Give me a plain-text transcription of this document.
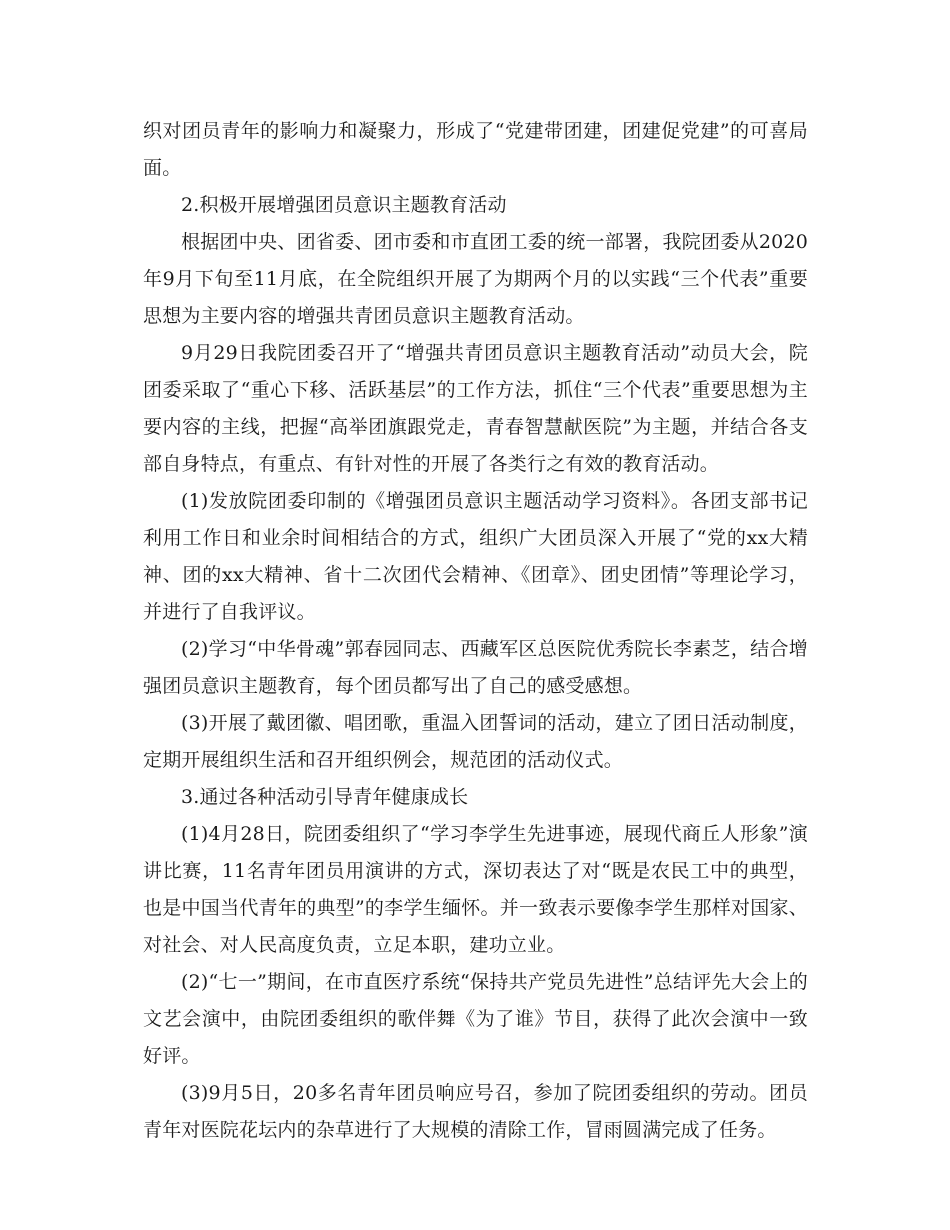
织对团员青年的影响力和凝聚力，形成了“党建带团建，团建促党建”的可喜局面。

2.积极开展增强团员意识主题教育活动

根据团中央、团省委、团市委和市直团工委的统一部署，我院团委从2020年9月下旬至11月底，在全院组织开展了为期两个月的以实践“三个代表”重要思想为主要内容的增强共青团员意识主题教育活动。

9月29日我院团委召开了“增强共青团员意识主题教育活动”动员大会，院团委采取了“重心下移、活跃基层”的工作方法，抓住“三个代表”重要思想为主要内容的主线，把握“高举团旗跟党走，青春智慧献医院”为主题，并结合各支部自身特点，有重点、有针对性的开展了各类行之有效的教育活动。

(1)发放院团委印制的《增强团员意识主题活动学习资料》。各团支部书记利用工作日和业余时间相结合的方式，组织广大团员深入开展了“党的xx大精神、团的xx大精神、省十二次团代会精神、《团章》、团史团情”等理论学习，并进行了自我评议。

(2)学习“中华骨魂”郭春园同志、西藏军区总医院优秀院长李素芝，结合增强团员意识主题教育，每个团员都写出了自己的感受感想。

(3)开展了戴团徽、唱团歌，重温入团誓词的活动，建立了团日活动制度，定期开展组织生活和召开组织例会，规范团的活动仪式。

3.通过各种活动引导青年健康成长

(1)4月28日，院团委组织了“学习李学生先进事迹，展现代商丘人形象”演讲比赛，11名青年团员用演讲的方式，深切表达了对“既是农民工中的典型，也是中国当代青年的典型”的李学生缅怀。并一致表示要像李学生那样对国家、对社会、对人民高度负责，立足本职，建功立业。

(2)“七一”期间，在市直医疗系统“保持共产党员先进性”总结评先大会上的文艺会演中，由院团委组织的歌伴舞《为了谁》节目，获得了此次会演中一致好评。

(3)9月5日，20多名青年团员响应号召，参加了院团委组织的劳动。团员青年对医院花坛内的杂草进行了大规模的清除工作，冒雨圆满完成了任务。
